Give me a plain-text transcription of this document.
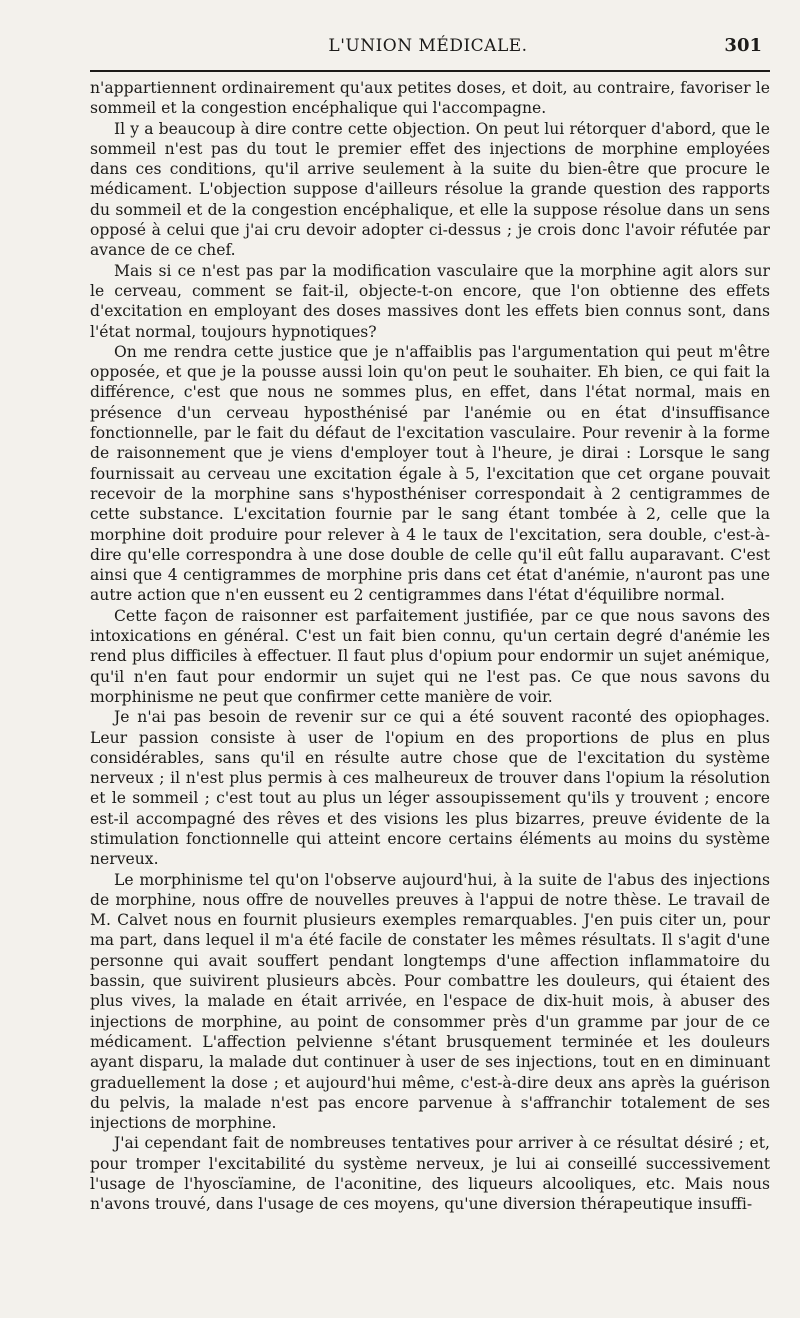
L'UNION MÉDICALE.	301

n'appartiennent ordinairement qu'aux petites doses, et doit, au contraire, favoriser le sommeil et la congestion encéphalique qui l'accompagne.

Il y a beaucoup à dire contre cette objection. On peut lui rétorquer d'abord, que le sommeil n'est pas du tout le premier effet des injections de morphine employées dans ces conditions, qu'il arrive seulement à la suite du bien-être que procure le médicament. L'objection suppose d'ailleurs résolue la grande question des rapports du sommeil et de la congestion encéphalique, et elle la suppose résolue dans un sens opposé à celui que j'ai cru devoir adopter ci-dessus ; je crois donc l'avoir réfutée par avance de ce chef.

Mais si ce n'est pas par la modification vasculaire que la morphine agit alors sur le cerveau, comment se fait-il, objecte-t-on encore, que l'on obtienne des effets d'excitation en employant des doses massives dont les effets bien connus sont, dans l'état normal, toujours hypnotiques?

On me rendra cette justice que je n'affaiblis pas l'argumentation qui peut m'être opposée, et que je la pousse aussi loin qu'on peut le souhaiter. Eh bien, ce qui fait la différence, c'est que nous ne sommes plus, en effet, dans l'état normal, mais en présence d'un cerveau hyposthénisé par l'anémie ou en état d'insuffisance fonctionnelle, par le fait du défaut de l'excitation vasculaire. Pour revenir à la forme de raisonnement que je viens d'employer tout à l'heure, je dirai : Lorsque le sang fournissait au cerveau une excitation égale à 5, l'excitation que cet organe pouvait recevoir de la morphine sans s'hyposthéniser correspondait à 2 centigrammes de cette substance. L'excitation fournie par le sang étant tombée à 2, celle que la morphine doit produire pour relever à 4 le taux de l'excitation, sera double, c'est-à-dire qu'elle correspondra à une dose double de celle qu'il eût fallu auparavant. C'est ainsi que 4 centigrammes de morphine pris dans cet état d'anémie, n'auront pas une autre action que n'en eussent eu 2 centigrammes dans l'état d'équilibre normal.

Cette façon de raisonner est parfaitement justifiée, par ce que nous savons des intoxications en général. C'est un fait bien connu, qu'un certain degré d'anémie les rend plus difficiles à effectuer. Il faut plus d'opium pour endormir un sujet anémique, qu'il n'en faut pour endormir un sujet qui ne l'est pas. Ce que nous savons du morphinisme ne peut que confirmer cette manière de voir.

Je n'ai pas besoin de revenir sur ce qui a été souvent raconté des opiophages. Leur passion consiste à user de l'opium en des proportions de plus en plus considérables, sans qu'il en résulte autre chose que de l'excitation du système nerveux ; il n'est plus permis à ces malheureux de trouver dans l'opium la résolution et le sommeil ; c'est tout au plus un léger assoupissement qu'ils y trouvent ; encore est-il accompagné des rêves et des visions les plus bizarres, preuve évidente de la stimulation fonctionnelle qui atteint encore certains éléments au moins du système nerveux.

Le morphinisme tel qu'on l'observe aujourd'hui, à la suite de l'abus des injections de morphine, nous offre de nouvelles preuves à l'appui de notre thèse. Le travail de M. Calvet nous en fournit plusieurs exemples remarquables. J'en puis citer un, pour ma part, dans lequel il m'a été facile de constater les mêmes résultats. Il s'agit d'une personne qui avait souffert pendant longtemps d'une affection inflammatoire du bassin, que suivirent plusieurs abcès. Pour combattre les douleurs, qui étaient des plus vives, la malade en était arrivée, en l'espace de dix-huit mois, à abuser des injections de morphine, au point de consommer près d'un gramme par jour de ce médicament. L'affection pelvienne s'étant brusquement terminée et les douleurs ayant disparu, la malade dut continuer à user de ses injections, tout en en diminuant graduellement la dose ; et aujourd'hui même, c'est-à-dire deux ans après la guérison du pelvis, la malade n'est pas encore parvenue à s'affranchir totalement de ses injections de morphine.

J'ai cependant fait de nombreuses tentatives pour arriver à ce résultat désiré ; et, pour tromper l'excitabilité du système nerveux, je lui ai conseillé successivement l'usage de l'hyoscïamine, de l'aconitine, des liqueurs alcooliques, etc. Mais nous n'avons trouvé, dans l'usage de ces moyens, qu'une diversion thérapeutique insuffi-
